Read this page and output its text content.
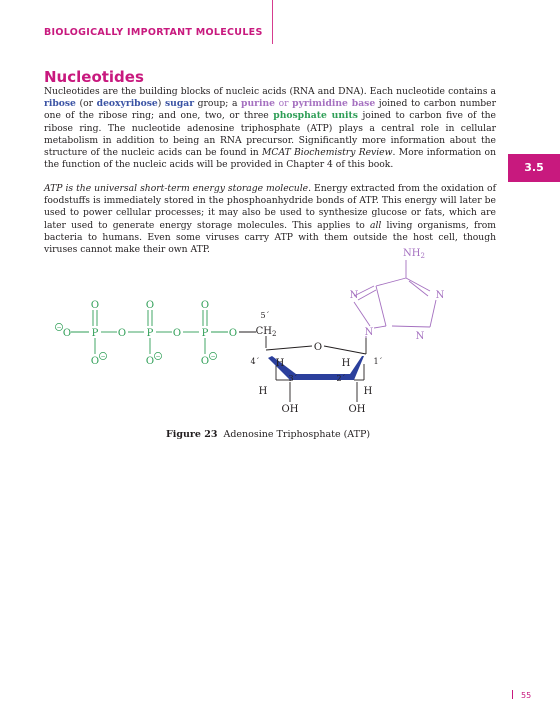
BIOLOGICALLY IMPORTANT MOLECULES
Nucleotides
Nucleotides are the building blocks of nucleic acids (RNA and DNA). Each nucleotide contains a ribose (or deoxyribose) sugar group; a purine or pyrimidine base joined to carbon number one of the ribose ring; and one, two, or three phosphate units joined to carbon five of the ribose ring. The nucleotide adenosine triphosphate (ATP) plays a central role in cellular metabolism in addition to being an RNA precursor. Significantly more information about the structure of the nucleic acids can be found in MCAT Biochemistry Review. More information on the function of the nucleic acids will be provided in Chapter 4 of this book.	3.5
ATP is the universal short-term energy storage molecule. Energy extracted from the oxidation of foodstuffs is immediately stored in the phosphoanhydride bonds of ATP. This energy will later be used to power cellular processes; it may also be used to synthesize glucose or fats, which are later used to generate energy storage molecules. This applies to all living organisms, from bacteria to humans. Even some viruses carry ATP with them outside the host cell, though viruses cannot make their own ATP.
O	O	O
P	P	P
O	O	O	O
O	O	O
−
−	−	−
$CH_2$
O
H	H
H	H
OH	OH
5´
4´
3´	2´
1´
$NH_2$
N	N
N	N
Figure 23 Adenosine Triphosphate (ATP)
55
